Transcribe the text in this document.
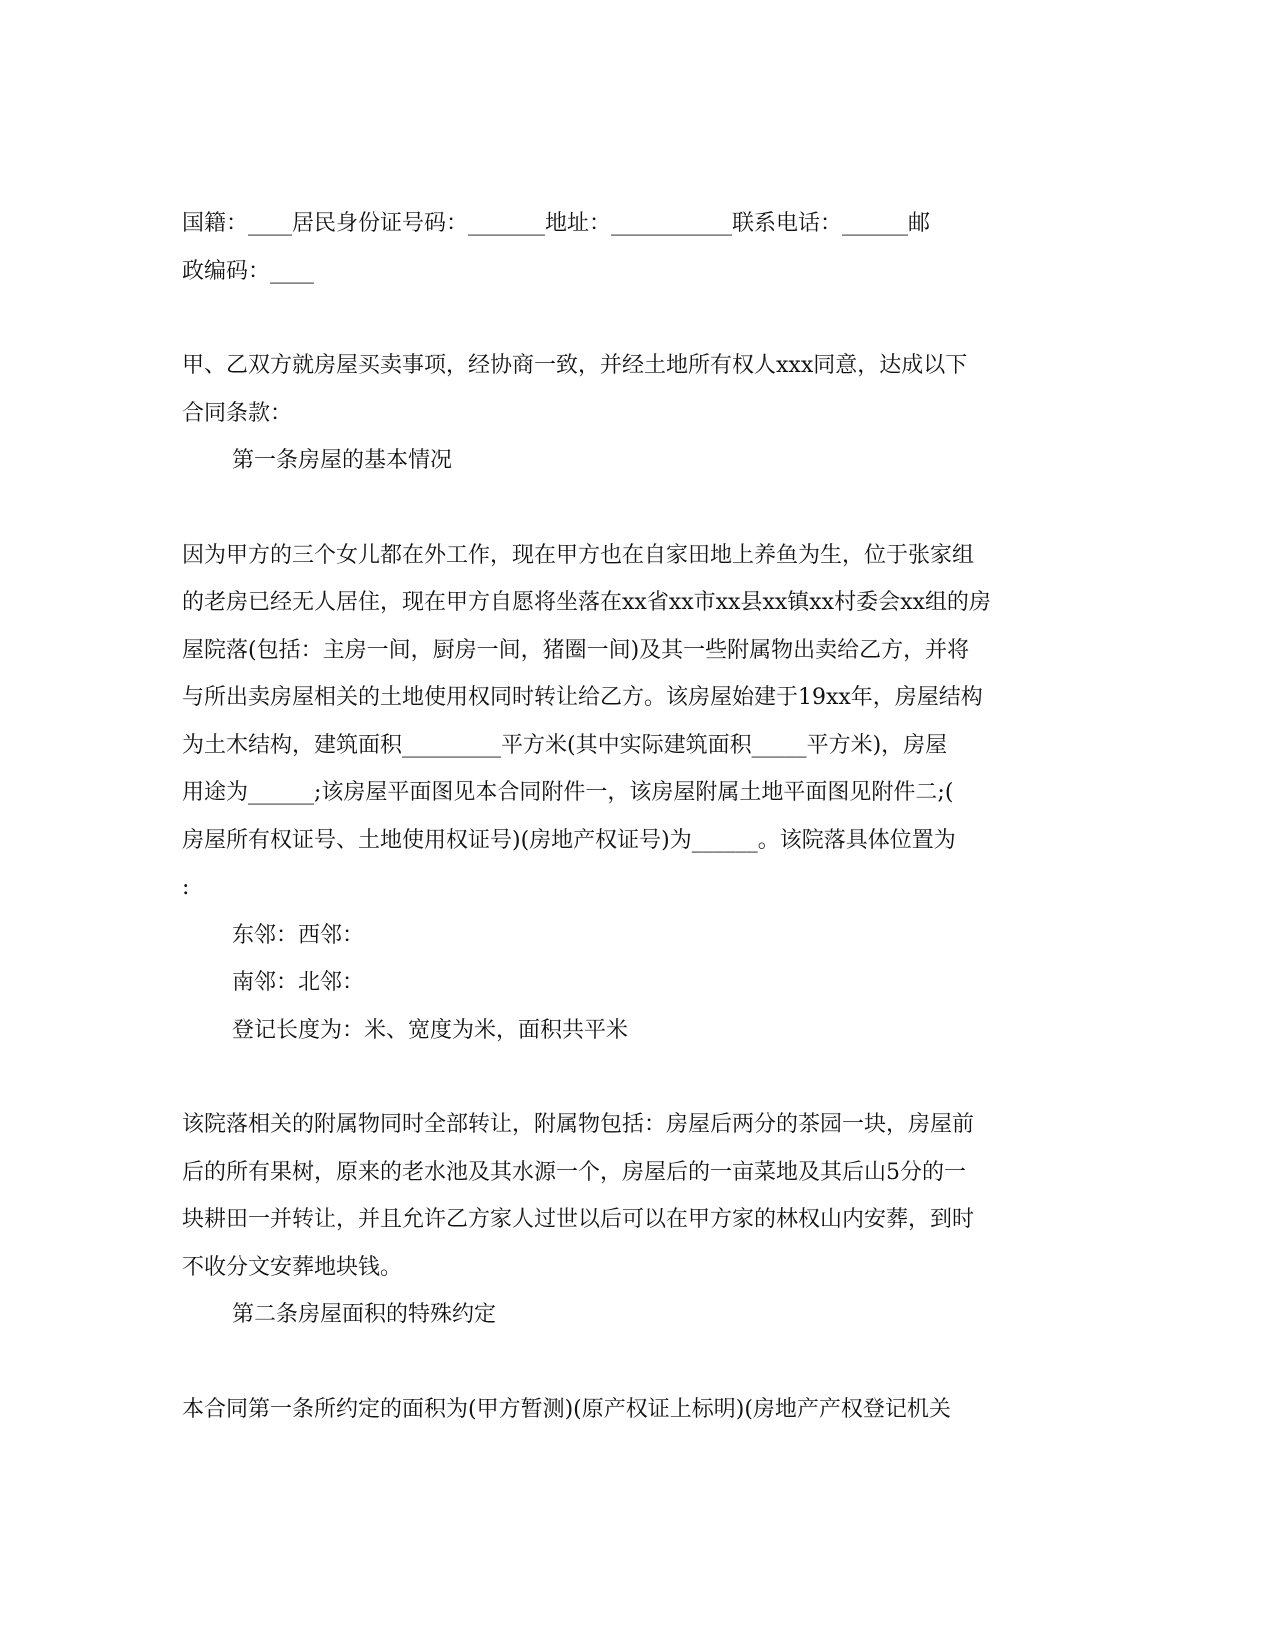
国籍：____居民身份证号码：_______地址：___________联系电话：______邮

政编码：____

甲、乙双方就房屋买卖事项，经协商一致，并经土地所有权人xxx同意，达成以下

合同条款：

第一条房屋的基本情况

因为甲方的三个女儿都在外工作，现在甲方也在自家田地上养鱼为生，位于张家组

的老房已经无人居住，现在甲方自愿将坐落在xx省xx市xx县xx镇xx村委会xx组的房

屋院落(包括：主房一间，厨房一间，猪圈一间)及其一些附属物出卖给乙方，并将

与所出卖房屋相关的土地使用权同时转让给乙方。该房屋始建于19xx年，房屋结构

为土木结构，建筑面积_________平方米(其中实际建筑面积_____平方米)，房屋

用途为______;该房屋平面图见本合同附件一，该房屋附属土地平面图见附件二;(

房屋所有权证号、土地使用权证号)(房地产权证号)为______。该院落具体位置为

:

东邻：西邻：

南邻：北邻：

登记长度为：米、宽度为米，面积共平米

该院落相关的附属物同时全部转让，附属物包括：房屋后两分的茶园一块，房屋前

后的所有果树，原来的老水池及其水源一个，房屋后的一亩菜地及其后山5分的一

块耕田一并转让，并且允许乙方家人过世以后可以在甲方家的林权山内安葬，到时

不收分文安葬地块钱。

第二条房屋面积的特殊约定

本合同第一条所约定的面积为(甲方暂测)(原产权证上标明)(房地产产权登记机关
